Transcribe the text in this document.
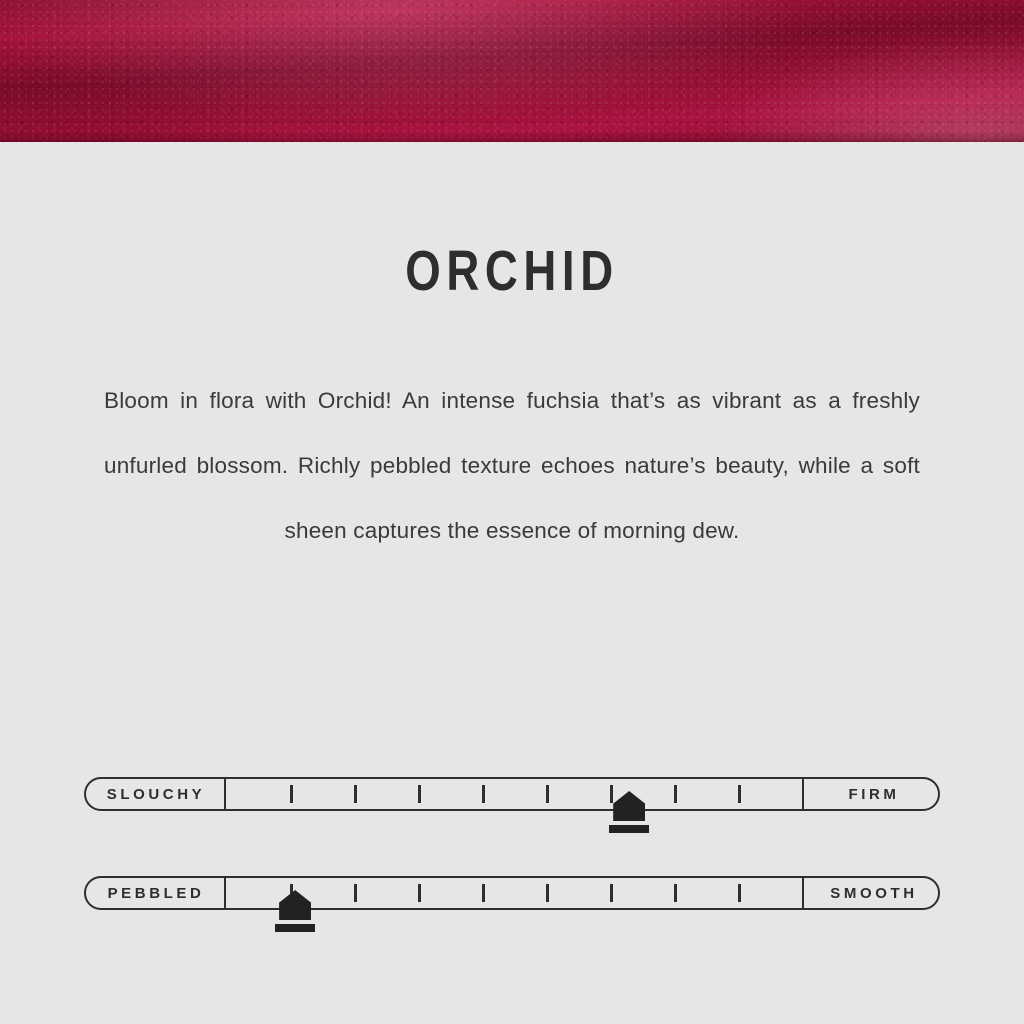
ORCHID
Bloom in flora with Orchid! An intense fuchsia that’s as vibrant as a freshly unfurled blossom. Richly pebbled texture echoes nature’s beauty, while a soft sheen captures the essence of morning dew.
SLOUCHY	FIRM
PEBBLED	SMOOTH
